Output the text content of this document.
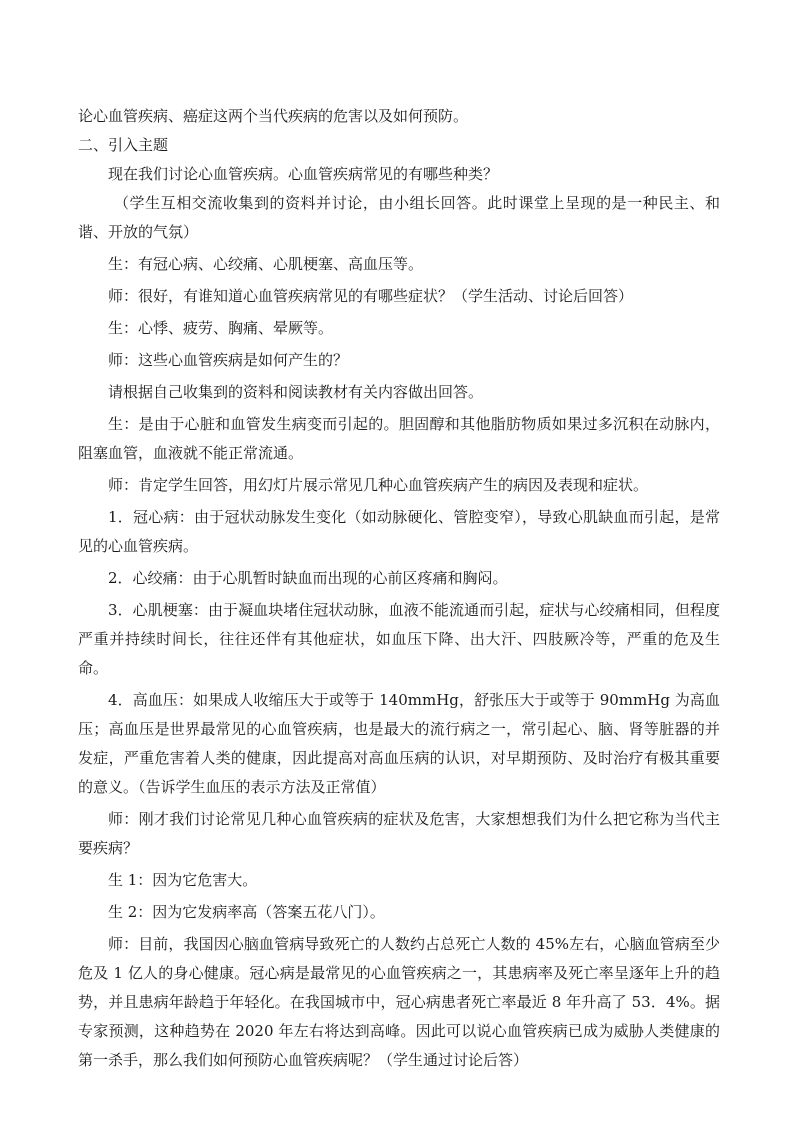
论心血管疾病、癌症这两个当代疾病的危害以及如何预防。

二、引入主题

现在我们讨论心血管疾病。心血管疾病常见的有哪些种类？

（学生互相交流收集到的资料并讨论，由小组长回答。此时课堂上呈现的是一种民主、和谐、开放的气氛）

生：有冠心病、心绞痛、心肌梗塞、高血压等。

师：很好，有谁知道心血管疾病常见的有哪些症状？（学生活动、讨论后回答）

生：心悸、疲劳、胸痛、晕厥等。

师：这些心血管疾病是如何产生的？

请根据自己收集到的资料和阅读教材有关内容做出回答。

生：是由于心脏和血管发生病变而引起的。胆固醇和其他脂肪物质如果过多沉积在动脉内，阻塞血管，血液就不能正常流通。

师：肯定学生回答，用幻灯片展示常见几种心血管疾病产生的病因及表现和症状。

1．冠心病：由于冠状动脉发生变化（如动脉硬化、管腔变窄），导致心肌缺血而引起，是常见的心血管疾病。

2．心绞痛：由于心肌暂时缺血而出现的心前区疼痛和胸闷。

3．心肌梗塞：由于凝血块堵住冠状动脉，血液不能流通而引起，症状与心绞痛相同，但程度严重并持续时间长，往往还伴有其他症状，如血压下降、出大汗、四肢厥冷等，严重的危及生命。

4．高血压：如果成人收缩压大于或等于 140mmHg，舒张压大于或等于 90mmHg 为高血压；高血压是世界最常见的心血管疾病，也是最大的流行病之一，常引起心、脑、肾等脏器的并发症，严重危害着人类的健康，因此提高对高血压病的认识，对早期预防、及时治疗有极其重要的意义。（告诉学生血压的表示方法及正常值）

师：刚才我们讨论常见几种心血管疾病的症状及危害，大家想想我们为什么把它称为当代主要疾病？

生 1：因为它危害大。

生 2：因为它发病率高（答案五花八门）。

师：目前，我国因心脑血管病导致死亡的人数约占总死亡人数的 45%左右，心脑血管病至少危及 1 亿人的身心健康。冠心病是最常见的心血管疾病之一，其患病率及死亡率呈逐年上升的趋势，并且患病年龄趋于年轻化。在我国城市中，冠心病患者死亡率最近 8 年升高了 53．4%。据专家预测，这种趋势在 2020 年左右将达到高峰。因此可以说心血管疾病已成为威胁人类健康的第一杀手，那么我们如何预防心血管疾病呢？（学生通过讨论后答）
